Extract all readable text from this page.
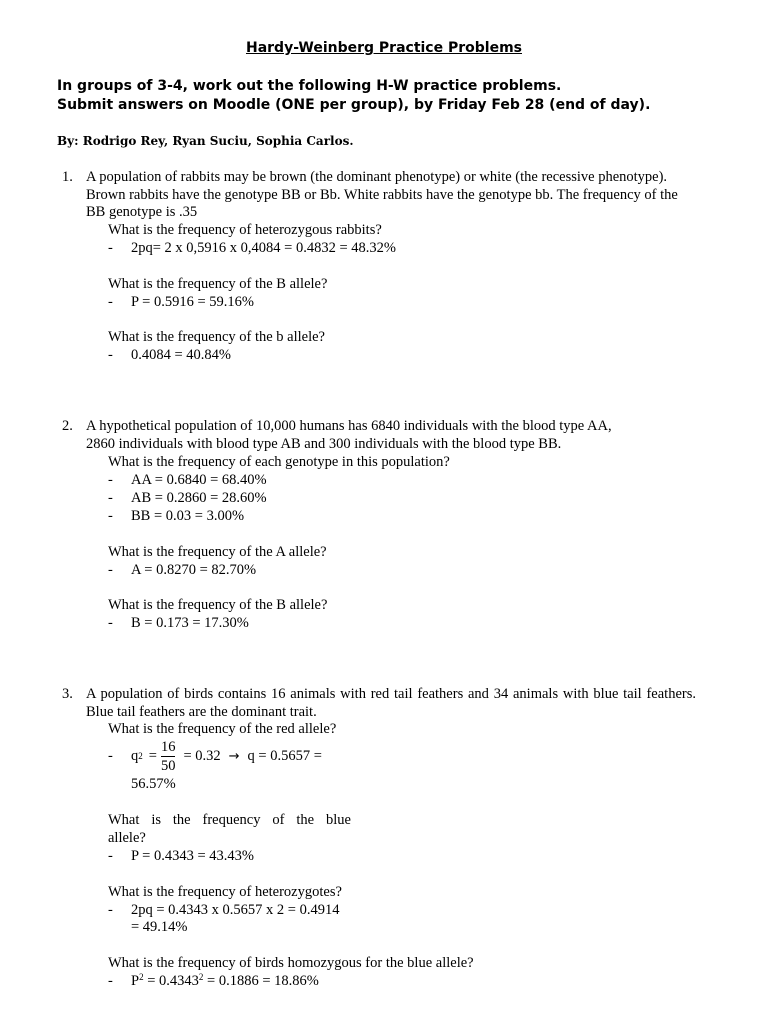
Hardy-Weinberg Practice Problems
In groups of 3-4, work out the following H-W practice problems.
Submit answers on Moodle (ONE per group), by Friday Feb 28 (end of day).
By: Rodrigo Rey, Ryan Suciu, Sophia Carlos.
1. A population of rabbits may be brown (the dominant phenotype) or white (the recessive phenotype). Brown rabbits have the genotype BB or Bb. White rabbits have the genotype bb. The frequency of the BB genotype is .35
What is the frequency of heterozygous rabbits?
- 2pq= 2 x 0,5916 x 0,4084 = 0.4832 = 48.32%
What is the frequency of the B allele?
- P = 0.5916 = 59.16%
What is the frequency of the b allele?
- 0.4084 = 40.84%
2. A hypothetical population of 10,000 humans has 6840 individuals with the blood type AA,
2860 individuals with blood type AB and 300 individuals with the blood type BB.
What is the frequency of each genotype in this population?
- AA = 0.6840 = 68.40%
- AB = 0.2860 = 28.60%
- BB = 0.03 = 3.00%
What is the frequency of the A allele?
- A = 0.8270 = 82.70%
What is the frequency of the B allele?
- B = 0.173 = 17.30%
3. A population of birds contains 16 animals with red tail feathers and 34 animals with blue tail feathers. Blue tail feathers are the dominant trait.
What is the frequency of the red allele?
- q $2 = \frac{16}{50} = 0.32 \to q = 0.5657$ =
56.57%
What is the frequency of the blue
allele?
- P = 0.4343 = 43.43%
What is the frequency of heterozygotes?
- 2pq = 0.4343 x 0.5657 x 2 = 0.4914
= 49.14%
What is the frequency of birds homozygous for the blue allele?
- $P^2 = 0.4343^2 = 0.1886 = 18.86\%$
